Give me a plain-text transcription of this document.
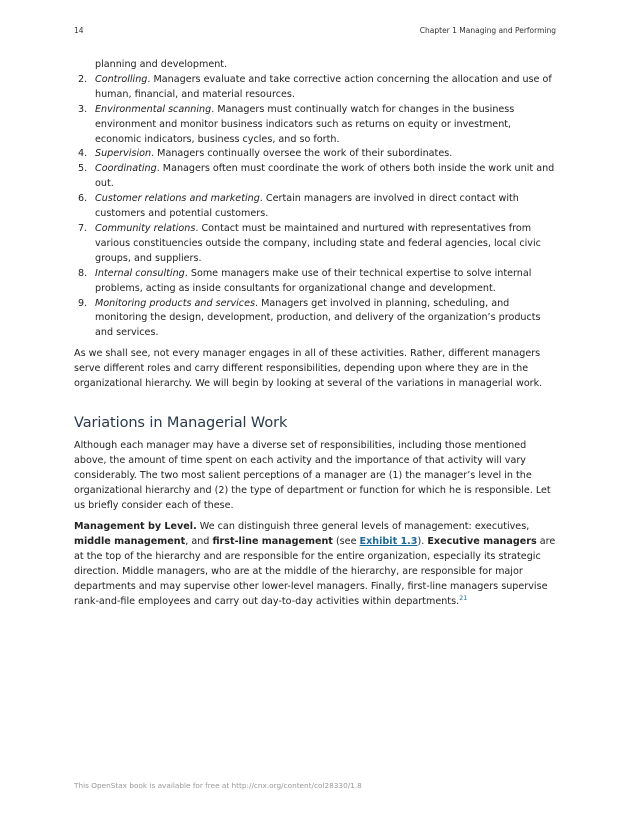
14	Chapter 1 Managing and Performing

planning and development.

2. Controlling. Managers evaluate and take corrective action concerning the allocation and use of human, financial, and material resources.
3. Environmental scanning. Managers must continually watch for changes in the business environment and monitor business indicators such as returns on equity or investment, economic indicators, business cycles, and so forth.
4. Supervision. Managers continually oversee the work of their subordinates.
5. Coordinating. Managers often must coordinate the work of others both inside the work unit and out.
6. Customer relations and marketing. Certain managers are involved in direct contact with customers and potential customers.
7. Community relations. Contact must be maintained and nurtured with representatives from various constituencies outside the company, including state and federal agencies, local civic groups, and suppliers.
8. Internal consulting. Some managers make use of their technical expertise to solve internal problems, acting as inside consultants for organizational change and development.
9. Monitoring products and services. Managers get involved in planning, scheduling, and monitoring the design, development, production, and delivery of the organization’s products and services.

As we shall see, not every manager engages in all of these activities. Rather, different managers serve different roles and carry different responsibilities, depending upon where they are in the organizational hierarchy. We will begin by looking at several of the variations in managerial work.

Variations in Managerial Work

Although each manager may have a diverse set of responsibilities, including those mentioned above, the amount of time spent on each activity and the importance of that activity will vary considerably. The two most salient perceptions of a manager are (1) the manager’s level in the organizational hierarchy and (2) the type of department or function for which he is responsible. Let us briefly consider each of these.

Management by Level. We can distinguish three general levels of management: executives, middle management, and first-line management (see Exhibit 1.3). Executive managers are at the top of the hierarchy and are responsible for the entire organization, especially its strategic direction. Middle managers, who are at the middle of the hierarchy, are responsible for major departments and may supervise other lower-level managers. Finally, first-line managers supervise rank-and-file employees and carry out day-to-day activities within departments.$^{21}$

This OpenStax book is available for free at http://cnx.org/content/col28330/1.8
